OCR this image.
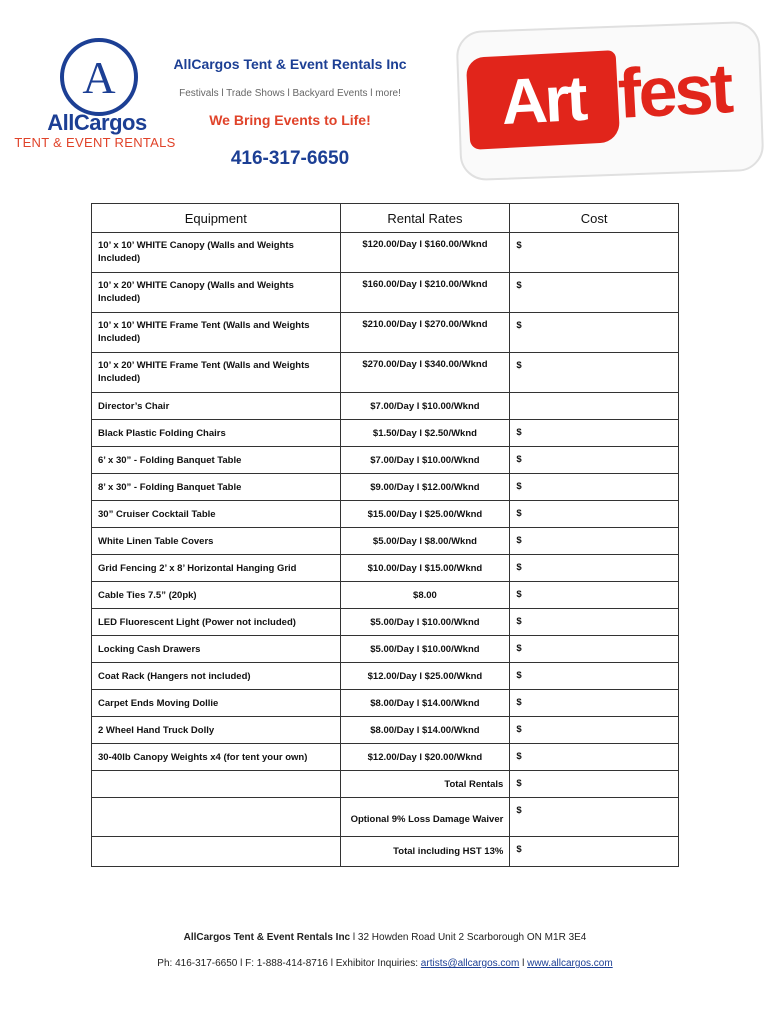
A
AllCargos
TENT & EVENT RENTALS
AllCargos Tent & Event Rentals Inc
Festivals l Trade Shows l Backyard Events l more!
We Bring Events to Life!
416-317-6650
Art fest
Equipment	Rental Rates	Cost
10’ x 10’ WHITE Canopy (Walls and Weights Included)	$120.00/Day l $160.00/Wknd	$
10’ x 20’ WHITE Canopy (Walls and Weights Included)	$160.00/Day l $210.00/Wknd	$
10’ x 10’ WHITE Frame Tent (Walls and Weights Included)	$210.00/Day l $270.00/Wknd	$
10’ x 20’ WHITE Frame Tent (Walls and Weights Included)	$270.00/Day l $340.00/Wknd	$
Director’s Chair	$7.00/Day l $10.00/Wknd	
Black Plastic Folding Chairs	$1.50/Day l $2.50/Wknd	$
6’ x 30” - Folding Banquet Table	$7.00/Day l $10.00/Wknd	$
8’ x 30” - Folding Banquet Table	$9.00/Day l $12.00/Wknd	$
30” Cruiser Cocktail Table	$15.00/Day l $25.00/Wknd	$
White Linen Table Covers	$5.00/Day l $8.00/Wknd	$
Grid Fencing 2’ x 8’ Horizontal Hanging Grid	$10.00/Day l $15.00/Wknd	$
Cable Ties 7.5” (20pk)	$8.00	$
LED Fluorescent Light (Power not included)	$5.00/Day l $10.00/Wknd	$
Locking Cash Drawers	$5.00/Day l $10.00/Wknd	$
Coat Rack (Hangers not included)	$12.00/Day l $25.00/Wknd	$
Carpet Ends Moving Dollie	$8.00/Day l $14.00/Wknd	$
2 Wheel Hand Truck Dolly	$8.00/Day l $14.00/Wknd	$
30-40lb Canopy Weights x4 (for tent your own)	$12.00/Day l $20.00/Wknd	$
	Total Rentals	$
	Optional 9% Loss Damage Waiver	$
	Total including HST 13%	$
AllCargos Tent & Event Rentals Inc l 32 Howden Road Unit 2 Scarborough ON M1R 3E4
Ph: 416-317-6650 l F: 1-888-414-8716 l Exhibitor Inquiries: artists@allcargos.com l www.allcargos.com
